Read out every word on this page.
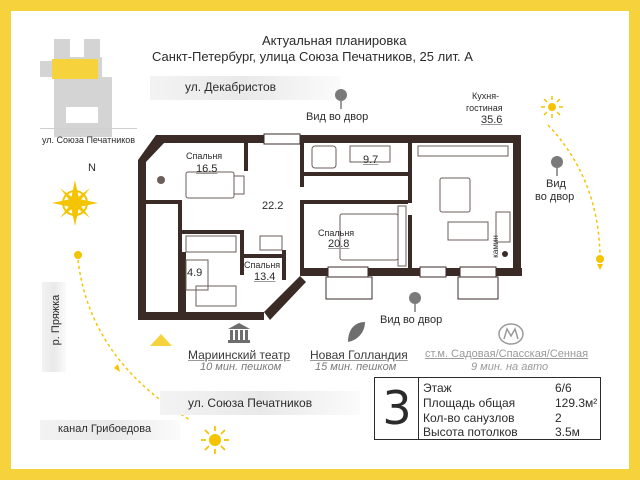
Актуальная планировка
Санкт-Петербург, улица Союза Печатников, 25 лит. А
ул. Союза Печатников
N
ул. Декабристов
ул. Союза Печатников
канал Грибоедова
р. Пряжка
Вид во двор
Вид
во двор
Вид во двор
Спальня
16.5
22.2
9.7
Кухня-
гостиная
35.6
Спальня
20.8
Спальня
13.4
4.9
камин
Мариинский театр
10 мин. пешком
Новая Голландия
15 мин. пешком
ст.м. Садовая/Спасская/Сенная
9 мин. на авто
3 Этаж	6/6
Площадь общая	129.3м²
Кол-во санузлов	2
Высота потолков	3.5м
